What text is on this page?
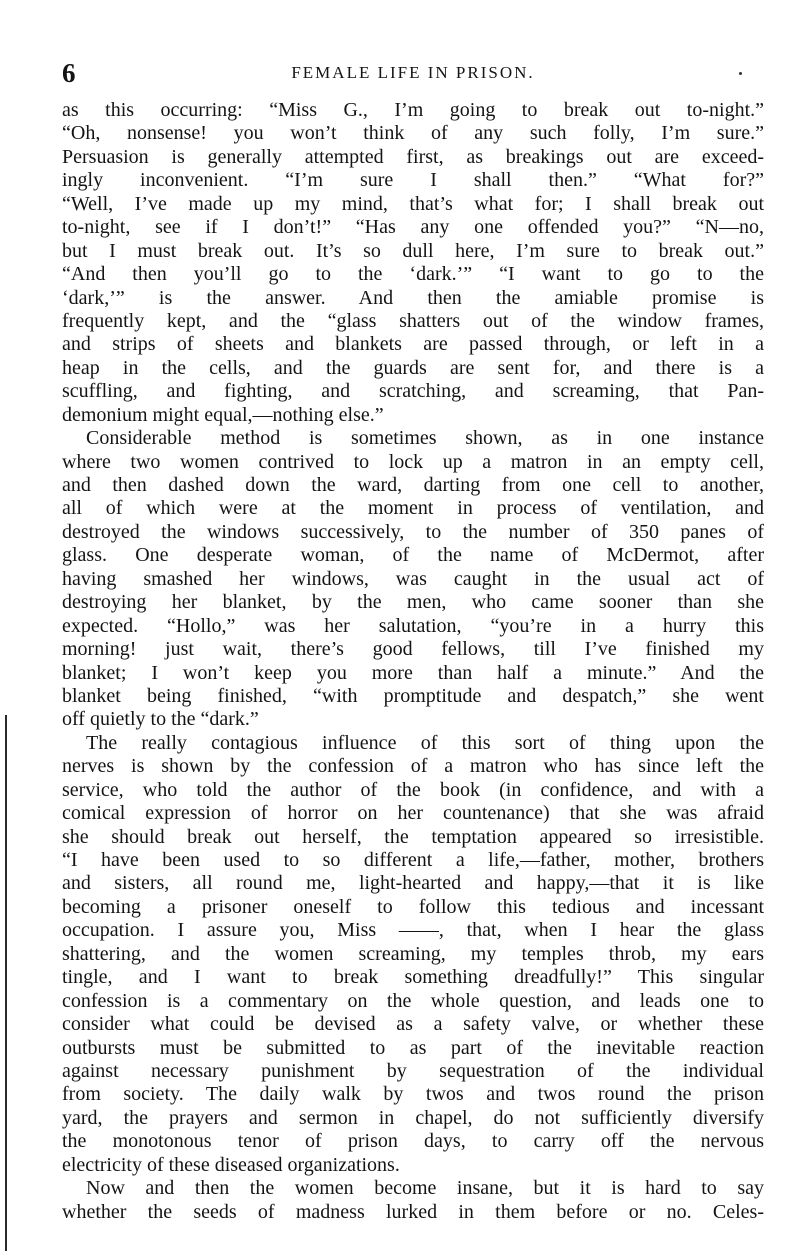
6	FEMALE LIFE IN PRISON.
as this occurring: “Miss G., I’m going to break out to-night.”
“Oh, nonsense! you won’t think of any such folly, I’m sure.”
Persuasion is generally attempted first, as breakings out are exceed-
ingly inconvenient. “I’m sure I shall then.” “What for?”
“Well, I’ve made up my mind, that’s what for; I shall break out
to-night, see if I don’t!” “Has any one offended you?” “N—no,
but I must break out. It’s so dull here, I’m sure to break out.”
“And then you’ll go to the ‘dark.’” “I want to go to the
‘dark,’” is the answer. And then the amiable promise is
frequently kept, and the “glass shatters out of the window frames,
and strips of sheets and blankets are passed through, or left in a
heap in the cells, and the guards are sent for, and there is a
scuffling, and fighting, and scratching, and screaming, that Pan-
demonium might equal,—nothing else.”
Considerable method is sometimes shown, as in one instance
where two women contrived to lock up a matron in an empty cell,
and then dashed down the ward, darting from one cell to another,
all of which were at the moment in process of ventilation, and
destroyed the windows successively, to the number of 350 panes of
glass. One desperate woman, of the name of McDermot, after
having smashed her windows, was caught in the usual act of
destroying her blanket, by the men, who came sooner than she
expected. “Hollo,” was her salutation, “you’re in a hurry this
morning! just wait, there’s good fellows, till I’ve finished my
blanket; I won’t keep you more than half a minute.” And the
blanket being finished, “with promptitude and despatch,” she went
off quietly to the “dark.”
The really contagious influence of this sort of thing upon the
nerves is shown by the confession of a matron who has since left the
service, who told the author of the book (in confidence, and with a
comical expression of horror on her countenance) that she was afraid
she should break out herself, the temptation appeared so irresistible.
“I have been used to so different a life,—father, mother, brothers
and sisters, all round me, light-hearted and happy,—that it is like
becoming a prisoner oneself to follow this tedious and incessant
occupation. I assure you, Miss ——, that, when I hear the glass
shattering, and the women screaming, my temples throb, my ears
tingle, and I want to break something dreadfully!” This singular
confession is a commentary on the whole question, and leads one to
consider what could be devised as a safety valve, or whether these
outbursts must be submitted to as part of the inevitable reaction
against necessary punishment by sequestration of the individual
from society. The daily walk by twos and twos round the prison
yard, the prayers and sermon in chapel, do not sufficiently diversify
the monotonous tenor of prison days, to carry off the nervous
electricity of these diseased organizations.
Now and then the women become insane, but it is hard to say
whether the seeds of madness lurked in them before or no. Celes-
